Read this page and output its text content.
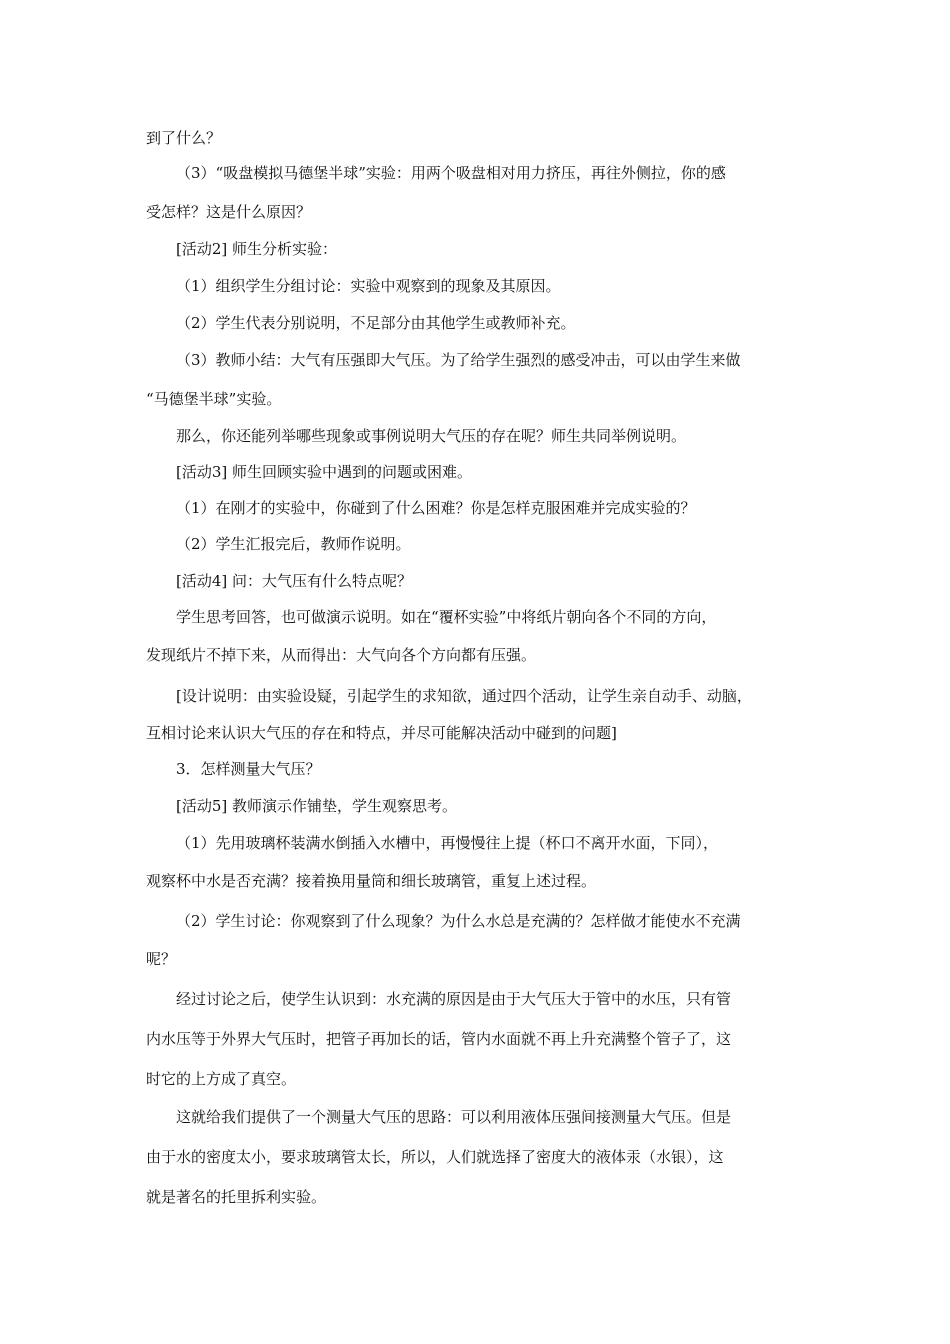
到了什么？
（3）“吸盘模拟马德堡半球”实验：用两个吸盘相对用力挤压，再往外侧拉，你的感
受怎样？这是什么原因？
[活动2] 师生分析实验：
（1）组织学生分组讨论：实验中观察到的现象及其原因。
（2）学生代表分别说明，不足部分由其他学生或教师补充。
（3）教师小结：大气有压强即大气压。为了给学生强烈的感受冲击，可以由学生来做
“马德堡半球”实验。
那么，你还能列举哪些现象或事例说明大气压的存在呢？师生共同举例说明。
[活动3] 师生回顾实验中遇到的问题或困难。
（1）在刚才的实验中，你碰到了什么困难？你是怎样克服困难并完成实验的？
（2）学生汇报完后，教师作说明。
[活动4] 问：大气压有什么特点呢？
学生思考回答，也可做演示说明。如在“覆杯实验”中将纸片朝向各个不同的方向，
发现纸片不掉下来，从而得出：大气向各个方向都有压强。
[设计说明：由实验设疑，引起学生的求知欲，通过四个活动，让学生亲自动手、动脑，
互相讨论来认识大气压的存在和特点，并尽可能解决活动中碰到的问题]
3．怎样测量大气压？
[活动5] 教师演示作铺垫，学生观察思考。
（1）先用玻璃杯装满水倒插入水槽中，再慢慢往上提（杯口不离开水面，下同），
观察杯中水是否充满？接着换用量筒和细长玻璃管，重复上述过程。
（2）学生讨论：你观察到了什么现象？为什么水总是充满的？怎样做才能使水不充满
呢？
经过讨论之后，使学生认识到：水充满的原因是由于大气压大于管中的水压，只有管
内水压等于外界大气压时，把管子再加长的话，管内水面就不再上升充满整个管子了，这
时它的上方成了真空。
这就给我们提供了一个测量大气压的思路：可以利用液体压强间接测量大气压。但是
由于水的密度太小，要求玻璃管太长，所以，人们就选择了密度大的液体汞（水银），这
就是著名的托里拆利实验。
